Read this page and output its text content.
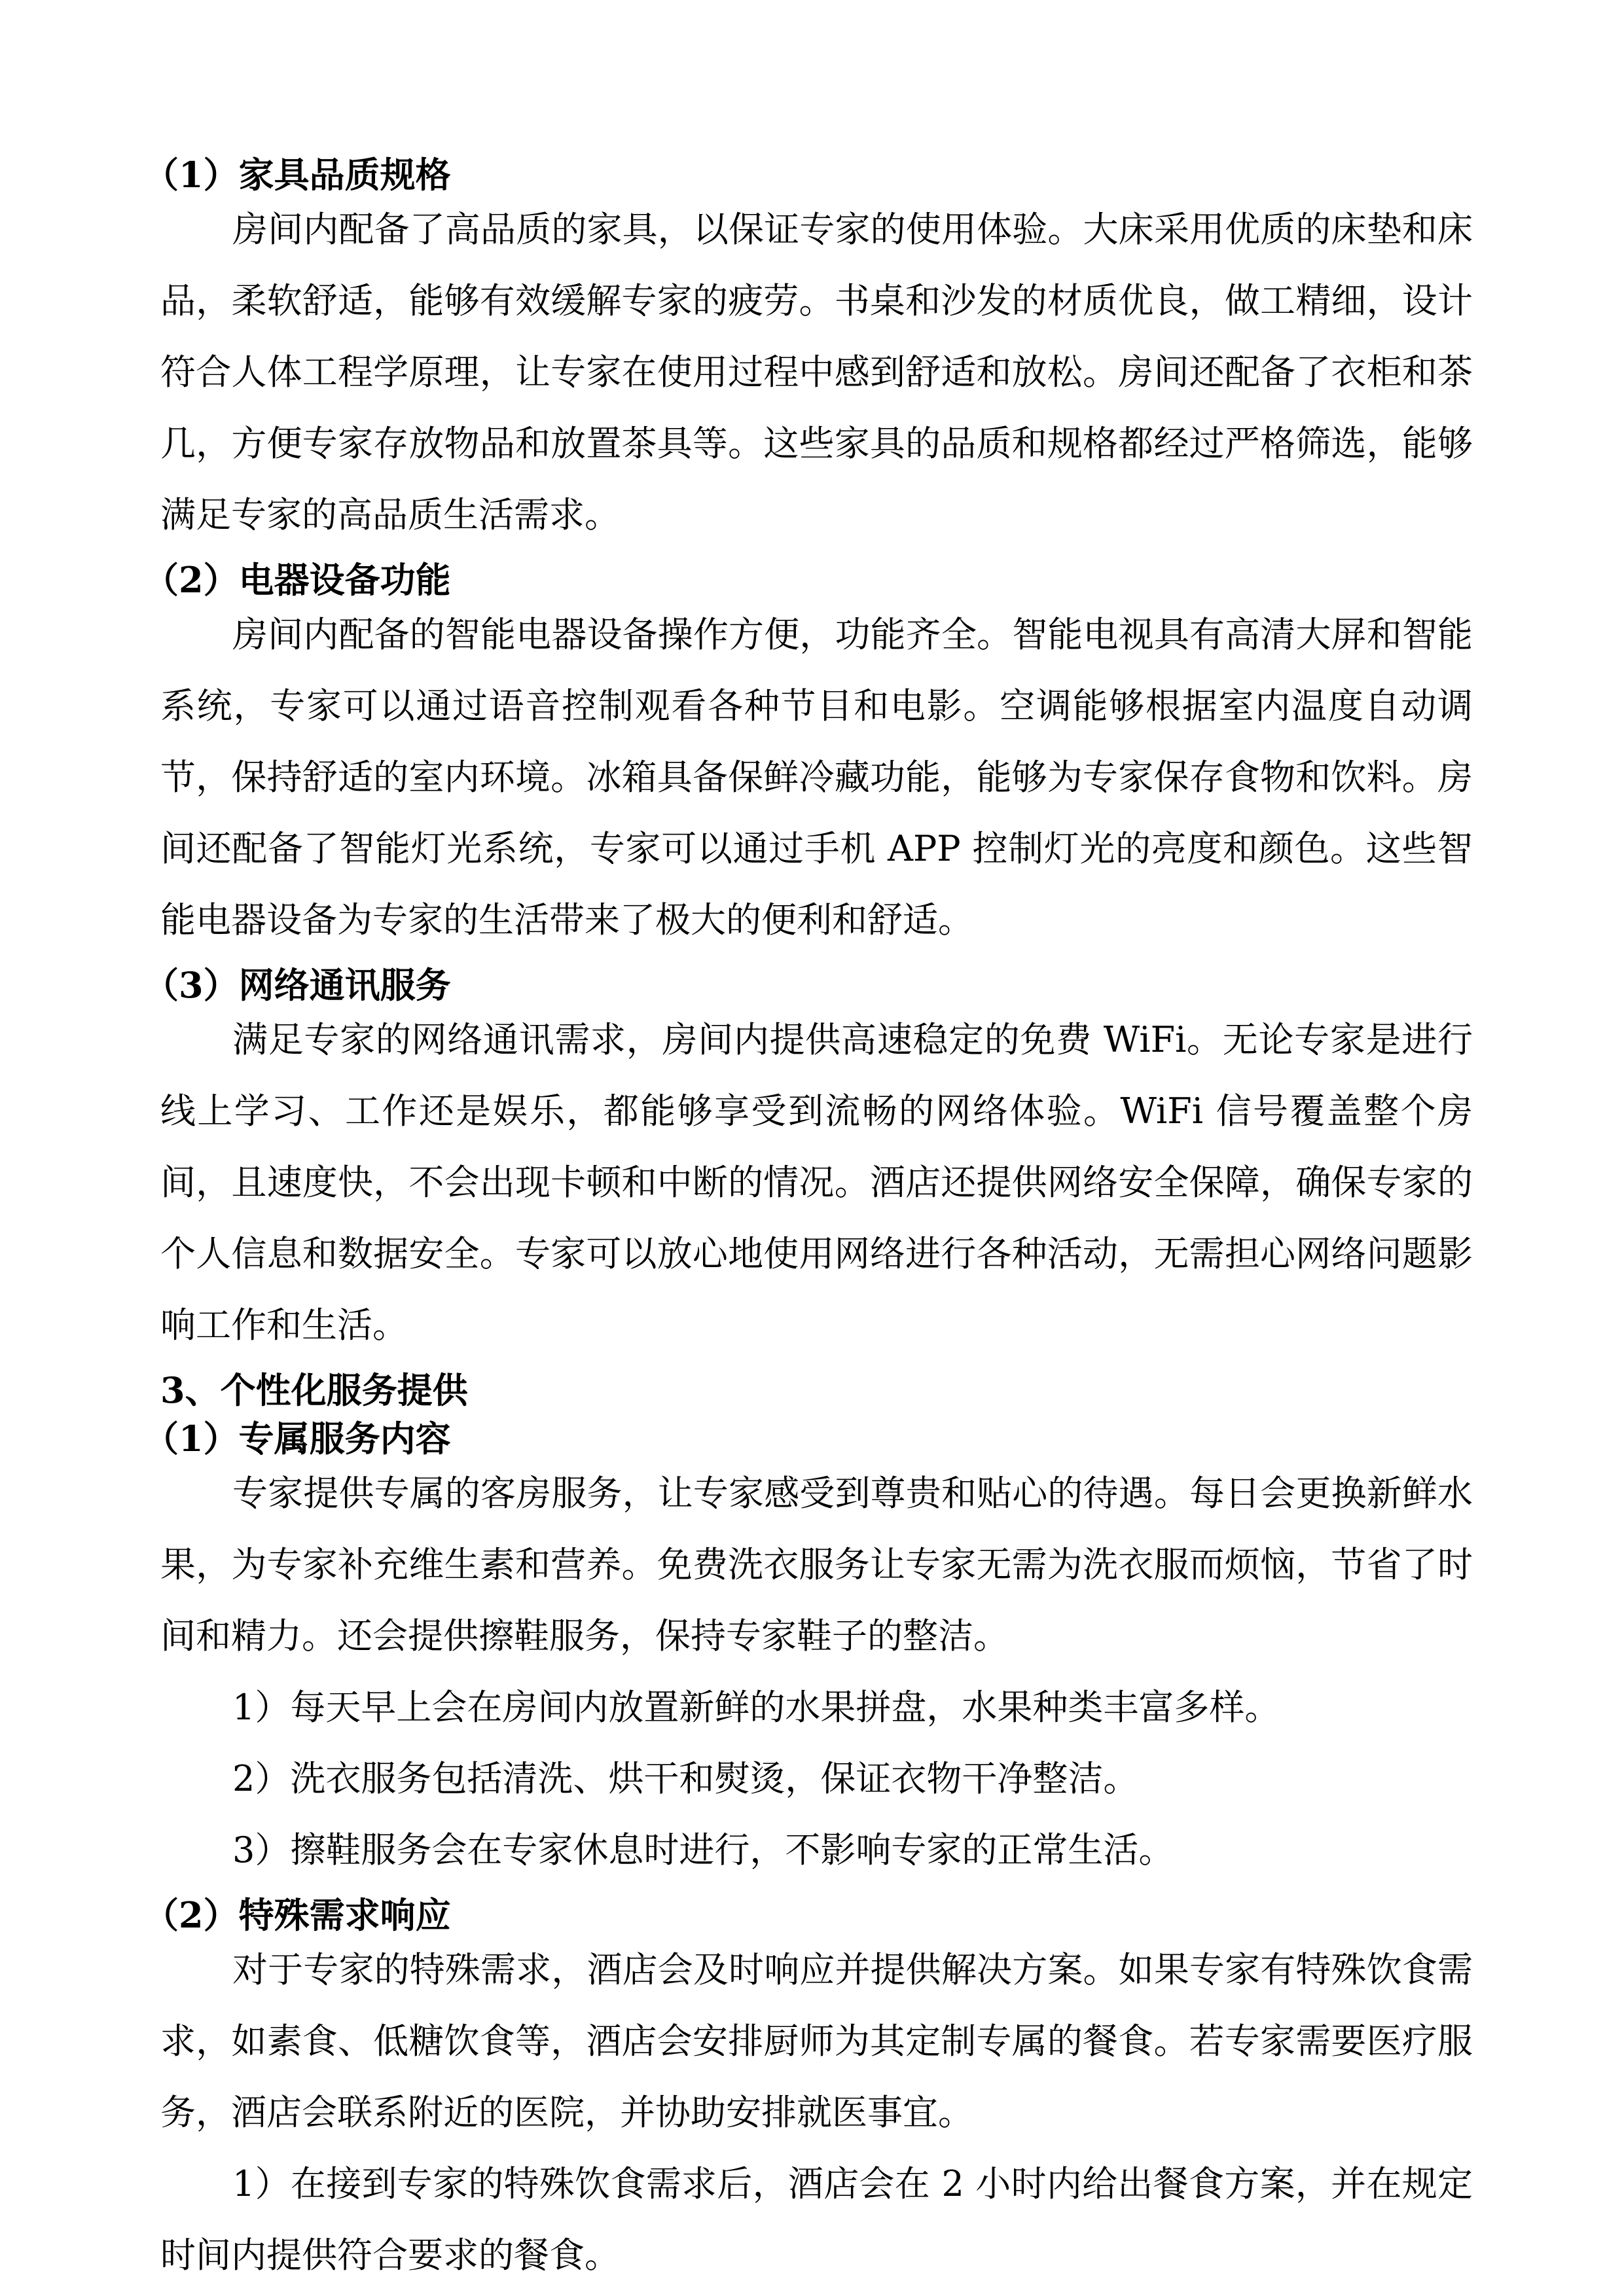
（1）家具品质规格

房间内配备了高品质的家具，以保证专家的使用体验。大床采用优质的床垫和床品，柔软舒适，能够有效缓解专家的疲劳。书桌和沙发的材质优良，做工精细，设计符合人体工程学原理，让专家在使用过程中感到舒适和放松。房间还配备了衣柜和茶几，方便专家存放物品和放置茶具等。这些家具的品质和规格都经过严格筛选，能够满足专家的高品质生活需求。

（2）电器设备功能

房间内配备的智能电器设备操作方便，功能齐全。智能电视具有高清大屏和智能系统，专家可以通过语音控制观看各种节目和电影。空调能够根据室内温度自动调节，保持舒适的室内环境。冰箱具备保鲜冷藏功能，能够为专家保存食物和饮料。房间还配备了智能灯光系统，专家可以通过手机 APP 控制灯光的亮度和颜色。这些智能电器设备为专家的生活带来了极大的便利和舒适。

（3）网络通讯服务

满足专家的网络通讯需求，房间内提供高速稳定的免费 WiFi。无论专家是进行线上学习、工作还是娱乐，都能够享受到流畅的网络体验。WiFi 信号覆盖整个房间，且速度快，不会出现卡顿和中断的情况。酒店还提供网络安全保障，确保专家的个人信息和数据安全。专家可以放心地使用网络进行各种活动，无需担心网络问题影响工作和生活。

3、个性化服务提供
（1）专属服务内容

专家提供专属的客房服务，让专家感受到尊贵和贴心的待遇。每日会更换新鲜水果，为专家补充维生素和营养。免费洗衣服务让专家无需为洗衣服而烦恼，节省了时间和精力。还会提供擦鞋服务，保持专家鞋子的整洁。

1）每天早上会在房间内放置新鲜的水果拼盘，水果种类丰富多样。

2）洗衣服务包括清洗、烘干和熨烫，保证衣物干净整洁。

3）擦鞋服务会在专家休息时进行，不影响专家的正常生活。

（2）特殊需求响应

对于专家的特殊需求，酒店会及时响应并提供解决方案。如果专家有特殊饮食需求，如素食、低糖饮食等，酒店会安排厨师为其定制专属的餐食。若专家需要医疗服务，酒店会联系附近的医院，并协助安排就医事宜。

1）在接到专家的特殊饮食需求后，酒店会在 2 小时内给出餐食方案，并在规定时间内提供符合要求的餐食。
